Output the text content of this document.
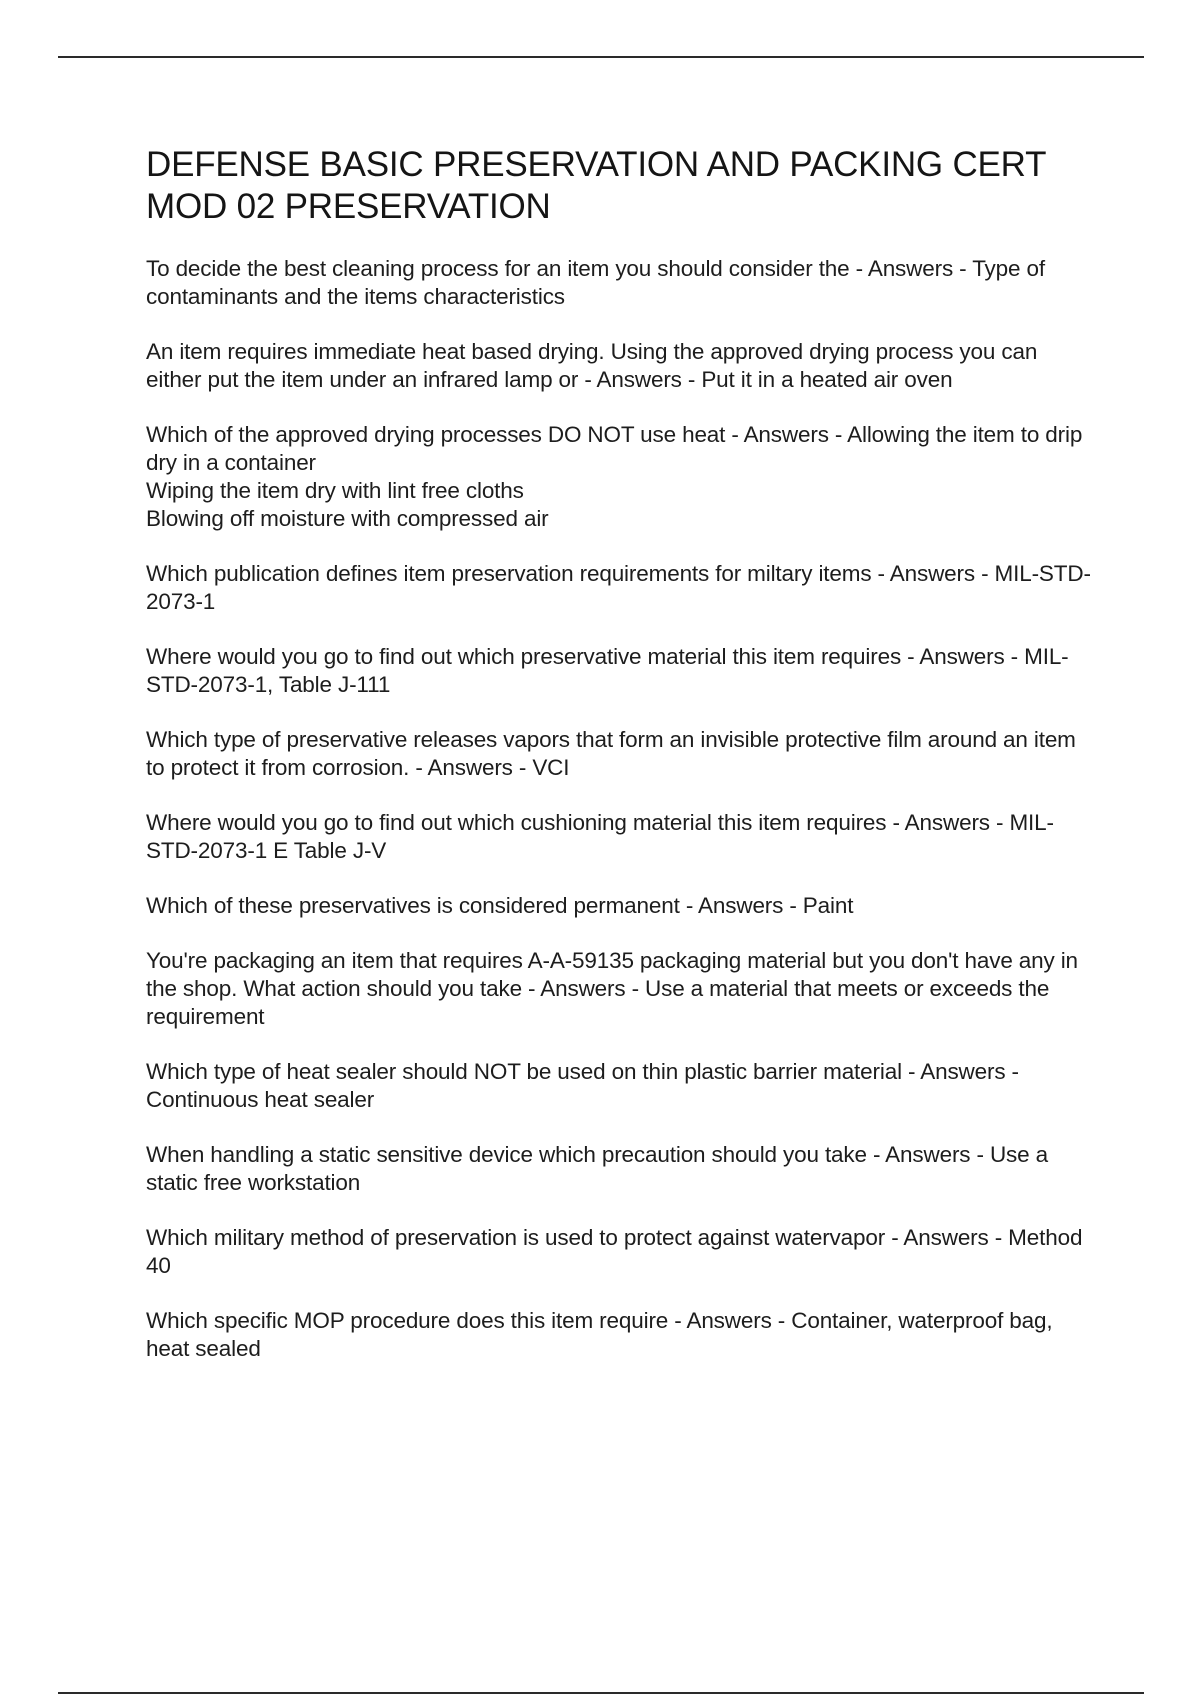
DEFENSE BASIC PRESERVATION AND PACKING CERT MOD 02 PRESERVATION

To decide the best cleaning process for an item you should consider the - Answers - Type of contaminants and the items characteristics

An item requires immediate heat based drying. Using the approved drying process you can either put the item under an infrared lamp or - Answers - Put it in a heated air oven

Which of the approved drying processes DO NOT use heat - Answers - Allowing the item to drip dry in a container
Wiping the item dry with lint free cloths
Blowing off moisture with compressed air

Which publication defines item preservation requirements for miltary items - Answers - MIL-STD-2073-1

Where would you go to find out which preservative material this item requires - Answers - MIL-STD-2073-1, Table J-111

Which type of preservative releases vapors that form an invisible protective film around an item to protect it from corrosion. - Answers - VCI

Where would you go to find out which cushioning material this item requires - Answers - MIL-STD-2073-1 E Table J-V

Which of these preservatives is considered permanent - Answers - Paint

You're packaging an item that requires A-A-59135 packaging material but you don't have any in the shop. What action should you take - Answers - Use a material that meets or exceeds the requirement

Which type of heat sealer should NOT be used on thin plastic barrier material - Answers - Continuous heat sealer

When handling a static sensitive device which precaution should you take - Answers - Use a static free workstation

Which military method of preservation is used to protect against watervapor - Answers - Method 40

Which specific MOP procedure does this item require - Answers - Container, waterproof bag, heat sealed
